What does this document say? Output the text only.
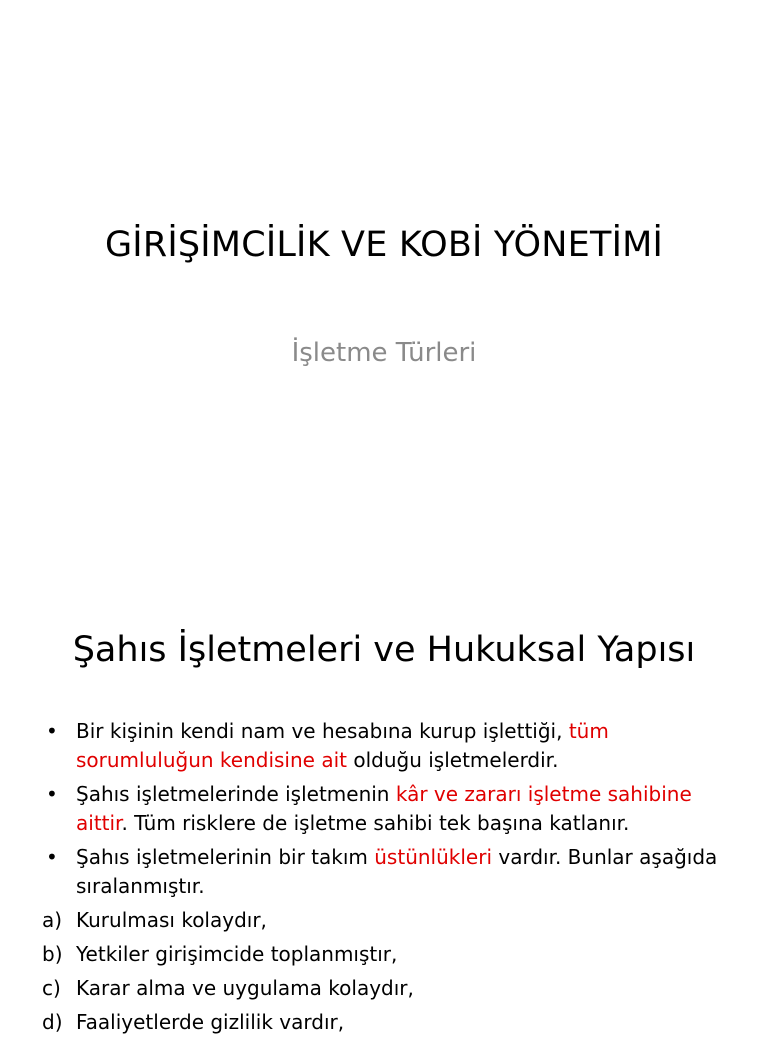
GİRİŞİMCİLİK VE KOBİ YÖNETİMİ
İşletme Türleri
Şahıs İşletmeleri ve Hukuksal Yapısı
• Bir kişinin kendi nam ve hesabına kurup işlettiği, tüm sorumluluğun kendisine ait olduğu işletmelerdir.
• Şahıs işletmelerinde işletmenin kâr ve zararı işletme sahibine aittir. Tüm risklere de işletme sahibi tek başına katlanır.
• Şahıs işletmelerinin bir takım üstünlükleri vardır. Bunlar aşağıda sıralanmıştır.
a) Kurulması kolaydır,
b) Yetkiler girişimcide toplanmıştır,
c) Karar alma ve uygulama kolaydır,
d) Faaliyetlerde gizlilik vardır,
